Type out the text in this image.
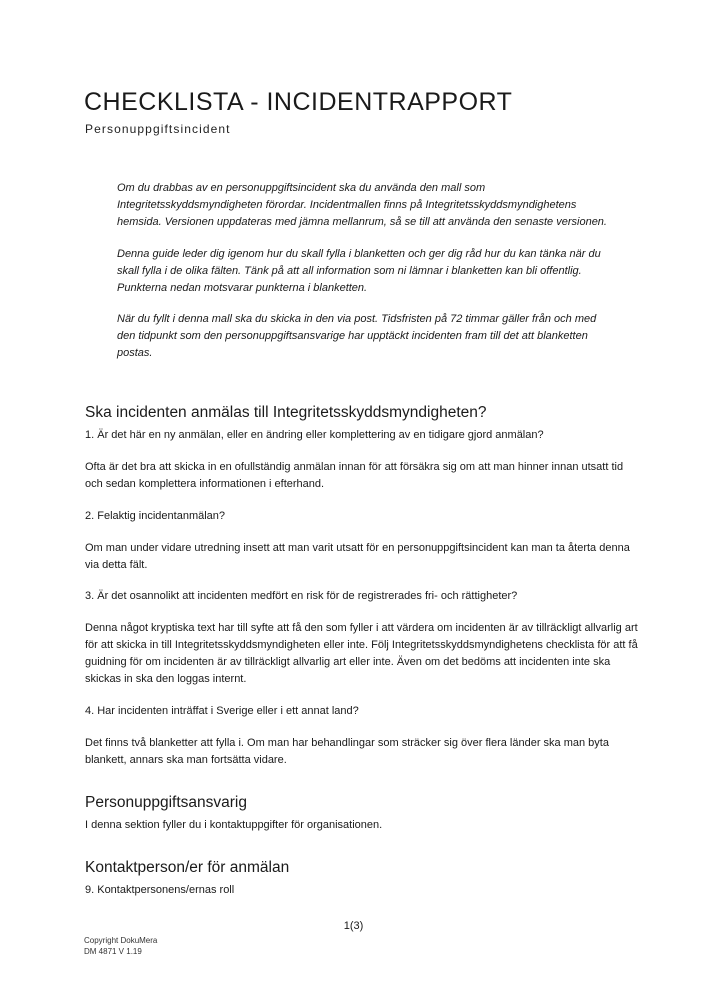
CHECKLISTA - INCIDENTRAPPORT
Personuppgiftsincident

Om du drabbas av en personuppgiftsincident ska du använda den mall som Integritetsskyddsmyndigheten förordar. Incidentmallen finns på Integritetsskyddsmyndighetens hemsida. Versionen uppdateras med jämna mellanrum, så se till att använda den senaste versionen.

Denna guide leder dig igenom hur du skall fylla i blanketten och ger dig råd hur du kan tänka när du skall fylla i de olika fälten. Tänk på att all information som ni lämnar i blanketten kan bli offentlig. Punkterna nedan motsvarar punkterna i blanketten.

När du fyllt i denna mall ska du skicka in den via post. Tidsfristen på 72 timmar gäller från och med den tidpunkt som den personuppgiftsansvarige har upptäckt incidenten fram till det att blanketten postas.

Ska incidenten anmälas till Integritetsskyddsmyndigheten?

1. Är det här en ny anmälan, eller en ändring eller komplettering av en tidigare gjord anmälan?

Ofta är det bra att skicka in en ofullständig anmälan innan för att försäkra sig om att man hinner innan utsatt tid och sedan komplettera informationen i efterhand.

2. Felaktig incidentanmälan?

Om man under vidare utredning insett att man varit utsatt för en personuppgiftsincident kan man ta återta denna via detta fält.

3. Är det osannolikt att incidenten medfört en risk för de registrerades fri- och rättigheter?

Denna något kryptiska text har till syfte att få den som fyller i att värdera om incidenten är av tillräckligt allvarlig art för att skicka in till Integritetsskyddsmyndigheten eller inte. Följ Integritetsskyddsmyndighetens checklista för att få guidning för om incidenten är av tillräckligt allvarlig art eller inte. Även om det bedöms att incidenten inte ska skickas in ska den loggas internt.

4. Har incidenten inträffat i Sverige eller i ett annat land?

Det finns två blanketter att fylla i. Om man har behandlingar som sträcker sig över flera länder ska man byta blankett, annars ska man fortsätta vidare.

Personuppgiftsansvarig

I denna sektion fyller du i kontaktuppgifter för organisationen.

Kontaktperson/er för anmälan

9. Kontaktpersonens/ernas roll

1(3)
Copyright DokuMera
DM 4871 V 1.19
